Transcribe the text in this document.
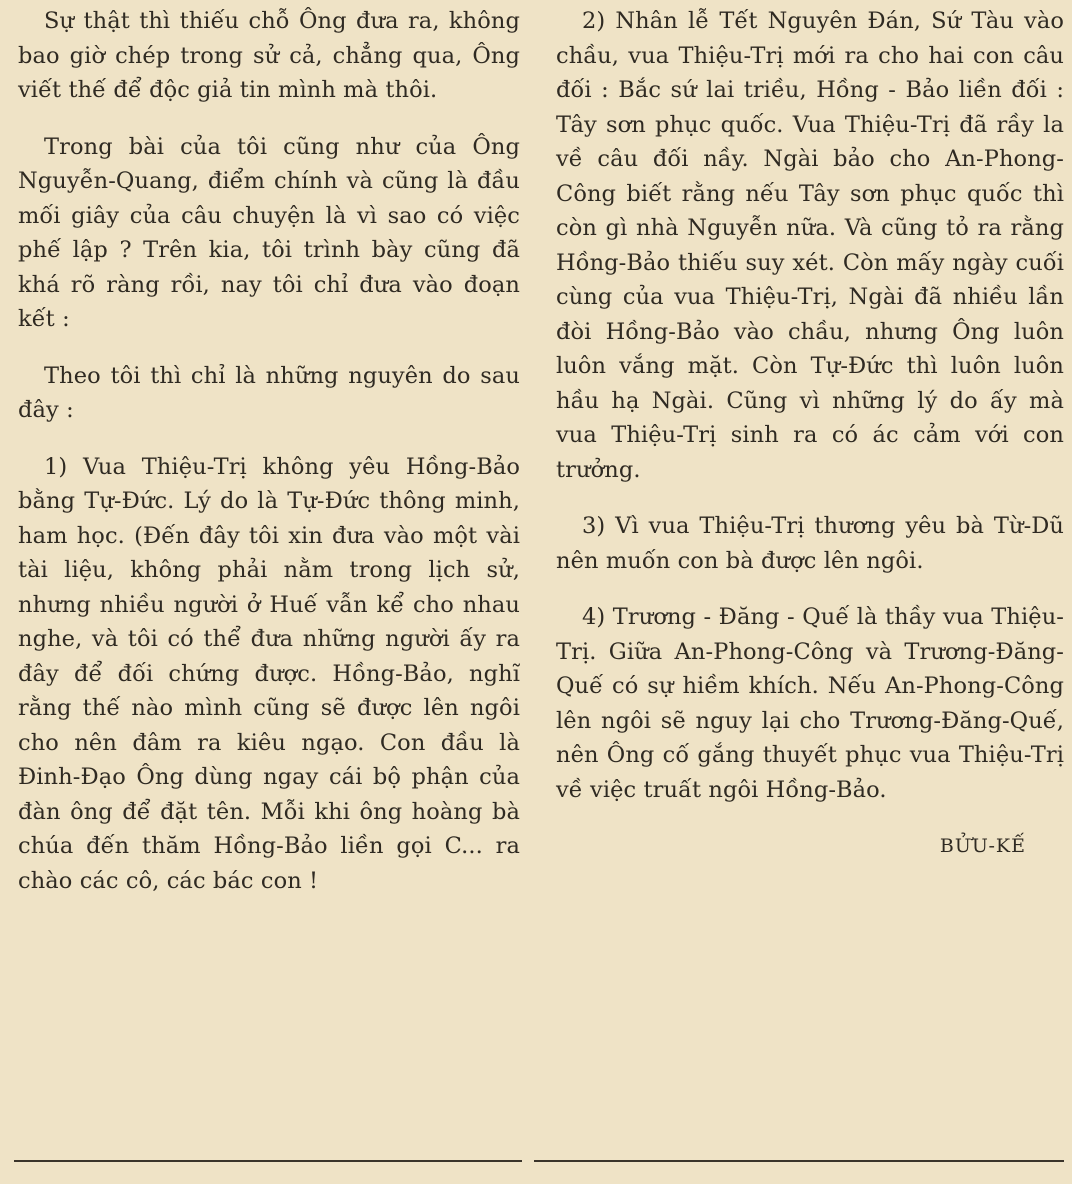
Sự thật thì thiếu chỗ Ông đưa ra, không bao giờ chép trong sử cả, chẳng qua, Ông viết thế để độc giả tin mình mà thôi.

Trong bài của tôi cũng như của Ông Nguyễn-Quang, điểm chính và cũng là đầu mối giây của câu chuyện là vì sao có việc phế lập ? Trên kia, tôi trình bày cũng đã khá rõ ràng rồi, nay tôi chỉ đưa vào đoạn kết :

Theo tôi thì chỉ là những nguyên do sau đây :

1) Vua Thiệu-Trị không yêu Hồng-Bảo bằng Tự-Đức. Lý do là Tự-Đức thông minh, ham học. (Đến đây tôi xin đưa vào một vài tài liệu, không phải nằm trong lịch sử, nhưng nhiều người ở Huế vẫn kể cho nhau nghe, và tôi có thể đưa những người ấy ra đây để đối chứng được. Hồng-Bảo, nghĩ rằng thế nào mình cũng sẽ được lên ngôi cho nên đâm ra kiêu ngạo. Con đầu là Đinh-Đạo Ông dùng ngay cái bộ phận của đàn ông để đặt tên. Mỗi khi ông hoàng bà chúa đến thăm Hồng-Bảo liền gọi C... ra chào các cô, các bác con !

2) Nhân lễ Tết Nguyên Đán, Sứ Tàu vào chầu, vua Thiệu-Trị mới ra cho hai con câu đối : Bắc sứ lai triều, Hồng - Bảo liền đối : Tây sơn phục quốc. Vua Thiệu-Trị đã rầy la về câu đối nầy. Ngài bảo cho An-Phong-Công biết rằng nếu Tây sơn phục quốc thì còn gì nhà Nguyễn nữa. Và cũng tỏ ra rằng Hồng-Bảo thiếu suy xét. Còn mấy ngày cuối cùng của vua Thiệu-Trị, Ngài đã nhiều lần đòi Hồng-Bảo vào chầu, nhưng Ông luôn luôn vắng mặt. Còn Tự-Đức thì luôn luôn hầu hạ Ngài. Cũng vì những lý do ấy mà vua Thiệu-Trị sinh ra có ác cảm với con trưởng.

3) Vì vua Thiệu-Trị thương yêu bà Từ-Dũ nên muốn con bà được lên ngôi.

4) Trương - Đăng - Quế là thầy vua Thiệu-Trị. Giữa An-Phong-Công và Trương-Đăng-Quế có sự hiềm khích. Nếu An-Phong-Công lên ngôi sẽ nguy lại cho Trương-Đăng-Quế, nên Ông cố gắng thuyết phục vua Thiệu-Trị về việc truất ngôi Hồng-Bảo.

BỬU-KẾ
